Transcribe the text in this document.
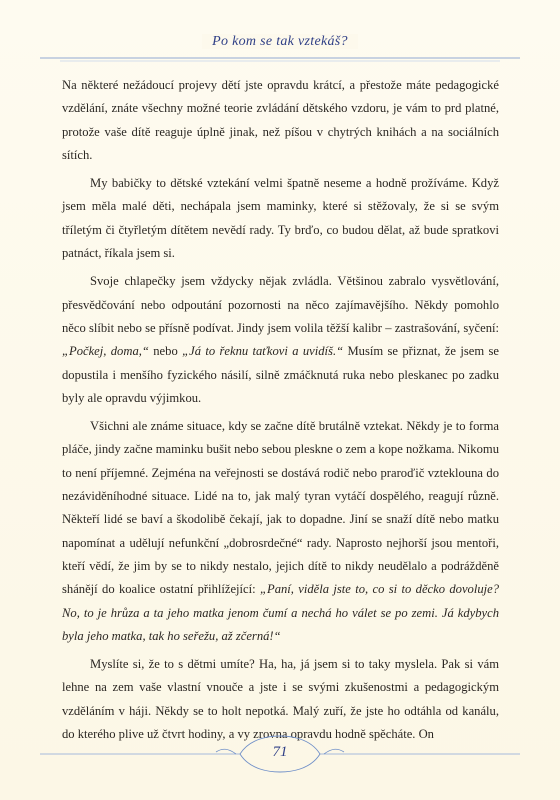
Po kom se tak vztekáš?

Na některé nežádoucí projevy dětí jste opravdu krátcí, a přestože máte pedagogické vzdělání, znáte všechny možné teorie zvládání dětského vzdoru, je vám to prd platné, protože vaše dítě reaguje úplně jinak, než píšou v chytrých knihách a na sociálních sítích.

My babičky to dětské vztekání velmi špatně neseme a hodně prožíváme. Když jsem měla malé děti, nechápala jsem maminky, které si stěžovaly, že si se svým tříletým či čtyřletým dítětem nevědí rady. Ty brďo, co budou dělat, až bude spratkovi patnáct, říkala jsem si.

Svoje chlapečky jsem vždycky nějak zvládla. Většinou zabralo vysvětlování, přesvědčování nebo odpoutání pozornosti na něco zajímavějšího. Někdy pomohlo něco slíbit nebo se přísně podívat. Jindy jsem volila těžší kalibr – zastrašování, syčení: „Počkej, doma,“ nebo „Já to řeknu taťkovi a uvidíš.“ Musím se přiznat, že jsem se dopustila i menšího fyzického násilí, silně zmáčknutá ruka nebo pleskanec po zadku byly ale opravdu výjimkou.

Všichni ale známe situace, kdy se začne dítě brutálně vztekat. Někdy je to forma pláče, jindy začne maminku bušit nebo sebou pleskne o zem a kope nožkama. Nikomu to není příjemné. Zejména na veřejnosti se dostává rodič nebo praroďič vzteklouna do nezáviděníhodné situace. Lidé na to, jak malý tyran vytáčí dospělého, reagují různě. Někteří lidé se baví a škodolibě čekají, jak to dopadne. Jiní se snaží dítě nebo matku napomínat a udělují nefunkční „dobrosrdečné“ rady. Naprosto nejhorší jsou mentoři, kteří vědí, že jim by se to nikdy nestalo, jejich dítě to nikdy neudělalo a podrážděně shánějí do koalice ostatní přihlížející: „Paní, viděla jste to, co si to děcko dovoluje? No, to je hrůza a ta jeho matka jenom čumí a nechá ho válet se po zemi. Já kdybych byla jeho matka, tak ho seřežu, až zčerná!“

Myslíte si, že to s dětmi umíte? Ha, ha, já jsem si to taky myslela. Pak si vám lehne na zem vaše vlastní vnouče a jste i se svými zkušenostmi a pedagogickým vzděláním v háji. Někdy se to holt nepotká. Malý zuří, že jste ho odtáhla od kanálu, do kterého plive už čtvrt hodiny, a vy zrovna opravdu hodně spěcháte. On

71
